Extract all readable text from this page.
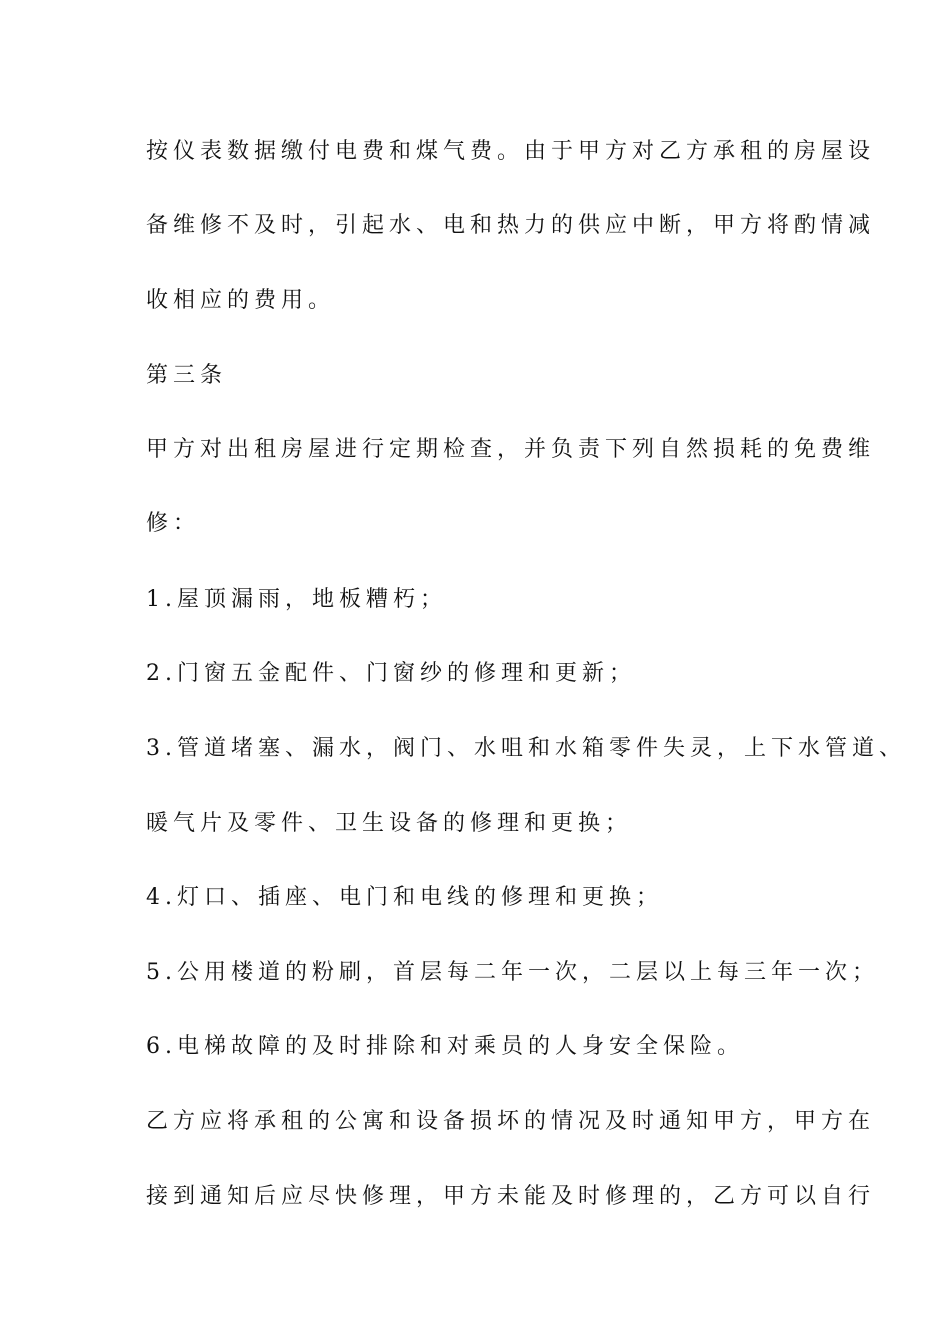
按仪表数据缴付电费和煤气费。由于甲方对乙方承租的房屋设
备维修不及时，引起水、电和热力的供应中断，甲方将酌情减
收相应的费用。
第三条
甲方对出租房屋进行定期检查，并负责下列自然损耗的免费维
修：
1.屋顶漏雨，地板糟朽；
2.门窗五金配件、门窗纱的修理和更新；
3.管道堵塞、漏水，阀门、水咀和水箱零件失灵，上下水管道、
暖气片及零件、卫生设备的修理和更换；
4.灯口、插座、电门和电线的修理和更换；
5.公用楼道的粉刷，首层每二年一次，二层以上每三年一次；
6.电梯故障的及时排除和对乘员的人身安全保险。
乙方应将承租的公寓和设备损坏的情况及时通知甲方，甲方在
接到通知后应尽快修理，甲方未能及时修理的，乙方可以自行
